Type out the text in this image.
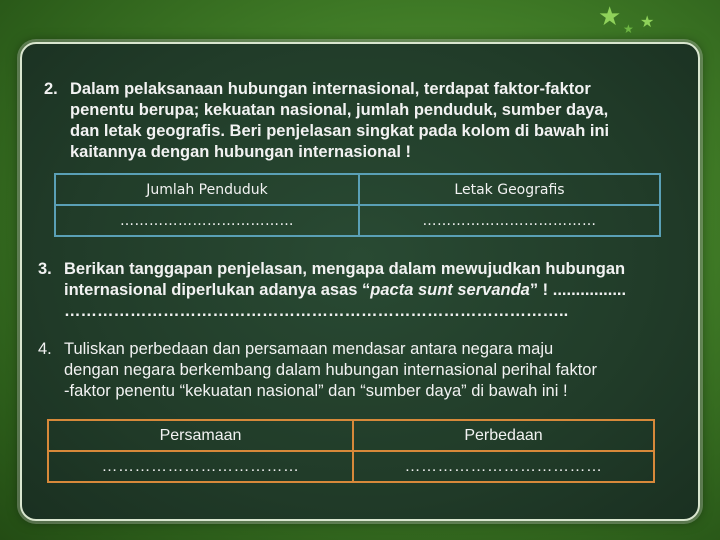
★ ★
★
2. Dalam pelaksanaan hubungan internasional, terdapat faktor-faktor
penentu berupa; kekuatan nasional, jumlah penduduk, sumber daya,
dan letak geografis. Beri penjelasan singkat pada kolom di bawah ini
kaitannya dengan hubungan internasional !
Jumlah Penduduk	Letak Geografis
………………………………	………………………………
3. Berikan tanggapan penjelasan, mengapa dalam mewujudkan hubungan
internasional diperlukan adanya asas “pacta sunt servanda” ! ................
………………………………………………………………………………..
4. Tuliskan perbedaan dan persamaan mendasar antara negara maju
dengan negara berkembang dalam hubungan internasional perihal faktor
-faktor penentu “kekuatan nasional” dan “sumber daya” di bawah ini !
Persamaan	Perbedaan
………………………………	………………………………
